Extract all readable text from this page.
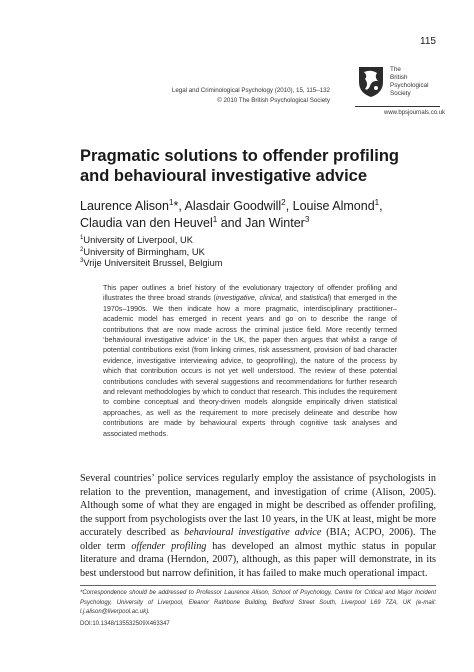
115
Legal and Criminological Psychology (2010), 15, 115–132
© 2010 The British Psychological Society
The
British
Psychological
Society
www.bpsjournals.co.uk
Pragmatic solutions to offender profiling and behavioural investigative advice
Laurence Alison$^1$*, Alasdair Goodwill$^2$, Louise Almond$^1$,
Claudia van den Heuvel$^1$ and Jan Winter$^3$
$^1$University of Liverpool, UK
$^2$University of Birmingham, UK
$^3$Vrije Universiteit Brussel, Belgium

This paper outlines a brief history of the evolutionary trajectory of offender profiling and illustrates the three broad strands (investigative, clinical, and statistical) that emerged in the 1970s–1990s. We then indicate how a more pragmatic, interdisciplinary practitioner–academic model has emerged in recent years and go on to describe the range of contributions that are now made across the criminal justice field. More recently termed ‘behavioural investigative advice’ in the UK, the paper then argues that whilst a range of potential contributions exist (from linking crimes, risk assessment, provision of bad character evidence, investigative interviewing advice, to geoprofiling), the nature of the process by which that contribution occurs is not yet well understood. The review of these potential contributions concludes with several suggestions and recommendations for further research and relevant methodologies by which to conduct that research. This includes the requirement to combine conceptual and theory-driven models alongside empirically driven statistical approaches, as well as the requirement to more precisely delineate and describe how contributions are made by behavioural experts through cognitive task analyses and associated methods.

Several countries’ police services regularly employ the assistance of psychologists in relation to the prevention, management, and investigation of crime (Alison, 2005). Although some of what they are engaged in might be described as offender profiling, the support from psychologists over the last 10 years, in the UK at least, might be more accurately described as behavioural investigative advice (BIA; ACPO, 2006). The older term offender profiling has developed an almost mythic status in popular literature and drama (Herndon, 2007), although, as this paper will demonstrate, in its best understood but narrow definition, it has failed to make much operational impact.

*Correspondence should be addressed to Professor Laurence Alison, School of Psychology, Centre for Critical and Major Incident Psychology, University of Liverpool, Eleanor Rathbone Building, Bedford Street South, Liverpool L69 7ZA, UK (e-mail: l.j.alison@liverpool.ac.uk).
DOI:10.1348/135532509X463347
